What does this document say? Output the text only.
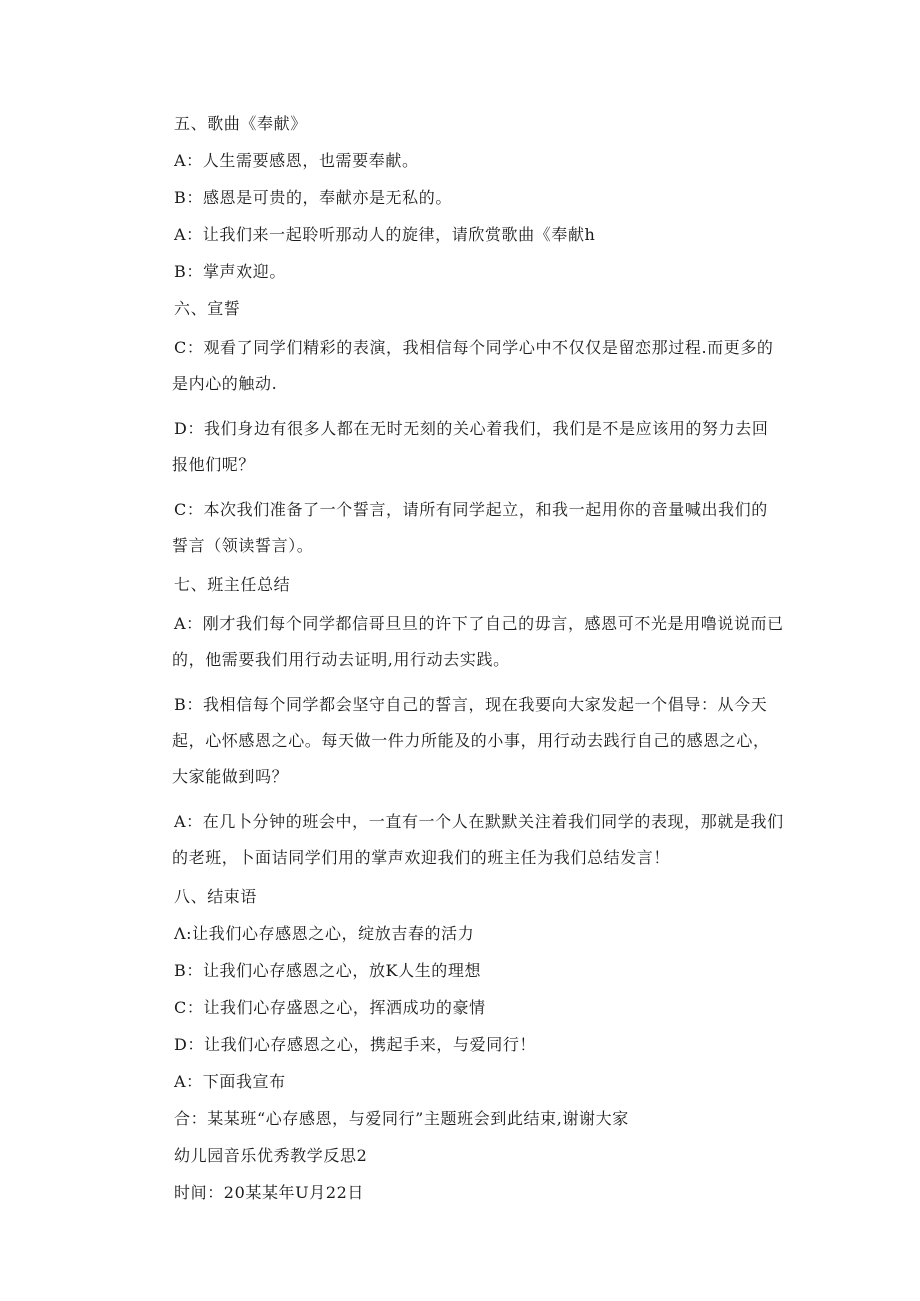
五、歌曲《奉献》

A：人生需要感恩，也需要奉献。

B：感恩是可贵的，奉献亦是无私的。

A：让我们来一起聆听那动人的旋律，请欣赏歌曲《奉献h

B：掌声欢迎。

六、宣誓

C：观看了同学们精彩的表演，我相信每个同学心中不仅仅是留恋那过程.而更多的是内心的触动.

D：我们身边有很多人都在无时无刻的关心着我们，我们是不是应该用的努力去回报他们呢？

C：本次我们准备了一个誓言，请所有同学起立，和我一起用你的音量喊出我们的誓言（领读誓言）。

七、班主任总结

A：刚才我们每个同学都信哥旦旦的许下了自己的毋言，感恩可不光是用噜说说而已的，他需要我们用行动去证明,用行动去实践。

B：我相信每个同学都会坚守自己的誓言，现在我要向大家发起一个倡导：从今天起，心怀感恩之心。每天做一件力所能及的小事，用行动去践行自己的感恩之心，大家能做到吗？

A：在几卜分钟的班会中，一直有一个人在默默关注着我们同学的表现，那就是我们的老班，卜面诘同学们用的掌声欢迎我们的班主任为我们总结发言！

八、结束语

Λ:让我们心存感恩之心，绽放吉春的活力

B：让我们心存感恩之心，放K人生的理想

C：让我们心存盛恩之心，挥洒成功的豪情

D：让我们心存感恩之心，携起手来，与爱同行！

A：下面我宣布

合：某某班“心存感恩，与爱同行”主题班会到此结束,谢谢大家

幼儿园音乐优秀教学反思2

时间：20某某年U月22日
